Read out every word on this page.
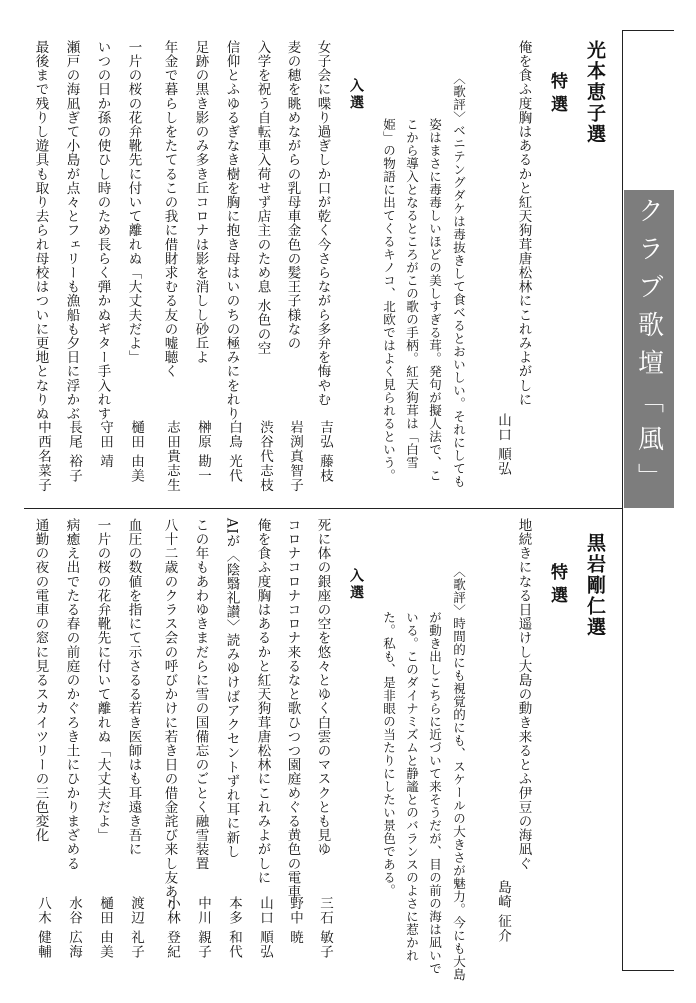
クラブ歌壇「風」
光本恵子選
特選
俺を食ふ度胸はあるかと紅天狗茸唐松林にこれみよがしに
山口 順弘
〈歌評〉ベニテングダケは毒抜きして食べるとおいしい。それにしても
姿はまさに毒毒しいほどの美しすぎる茸。発句が擬人法で、こ
こから導入となるところがこの歌の手柄。紅天狗茸は「白雪
姫」の物語に出てくるキノコ、北欧ではよく見られるという。
入選
女子会に喋り過ぎしか口が乾く今さらながら多弁を悔やむ
吉弘 藤枝
麦の穂を眺めながらの乳母車金色の髪王子様なの
岩渕真智子
入学を祝う自転車入荷せず店主のため息 水色の空
渋谷代志枝
信仰とふゆるぎなき樹を胸に抱き母はいのちの極みにをれり
白鳥 光代
足跡の黒き影のみ多き丘コロナは影を消しし砂丘よ
榊原 勘一
年金で暮らしをたてるこの我に借財求むる友の嘘聴く
志田貴志生
一片の桜の花弁靴先に付いて離れぬ「大丈夫だよ」
樋田 由美
いつの日か孫の使ひし時のため長らく弾かぬギター手入れす
守田 靖
瀬戸の海凪ぎて小島が点々とフェリーも漁船も夕日に浮かぶ
長尾 裕子
最後まで残りし遊具も取り去られ母校はついに更地となりぬ
中西名菜子
黒岩剛仁選
特選
地続きになる日遥けし大島の動き来るとふ伊豆の海凪ぐ
島崎 征介
〈歌評〉時間的にも視覚的にも、スケールの大きさが魅力。今にも大島
が動き出しこちらに近づいて来そうだが、目の前の海は凪いで
いる。このダイナミズムと静謐とのバランスのよさに惹かれ
た。私も、是非眼の当たりにしたい景色である。
入選
死に体の銀座の空を悠々とゆく白雲のマスクとも見ゆ
三石 敏子
コロナコロナコロナ来るなと歌ひつつ園庭めぐる黄色の電車
野中 暁
俺を食ふ度胸はあるかと紅天狗茸唐松林にこれみよがしに
山口 順弘
AIが〈陰翳礼讃〉読みゆけばアクセントずれ耳に新し
本多 和代
この年もあわゆきまだらに雪の国備忘のごとく融雪装置
中川 親子
八十二歳のクラス会の呼びかけに若き日の借金詫び来し友あり
小林 登紀
血圧の数値を指にて示さるる若き医師はも耳遠き吾に
渡辺 礼子
一片の桜の花弁靴先に付いて離れぬ「大丈夫だよ」
樋田 由美
病癒え出でたる春の前庭のかぐろき土にひかりまざめる
水谷 広海
通勤の夜の電車の窓に見るスカイツリーの三色変化
八木 健輔
